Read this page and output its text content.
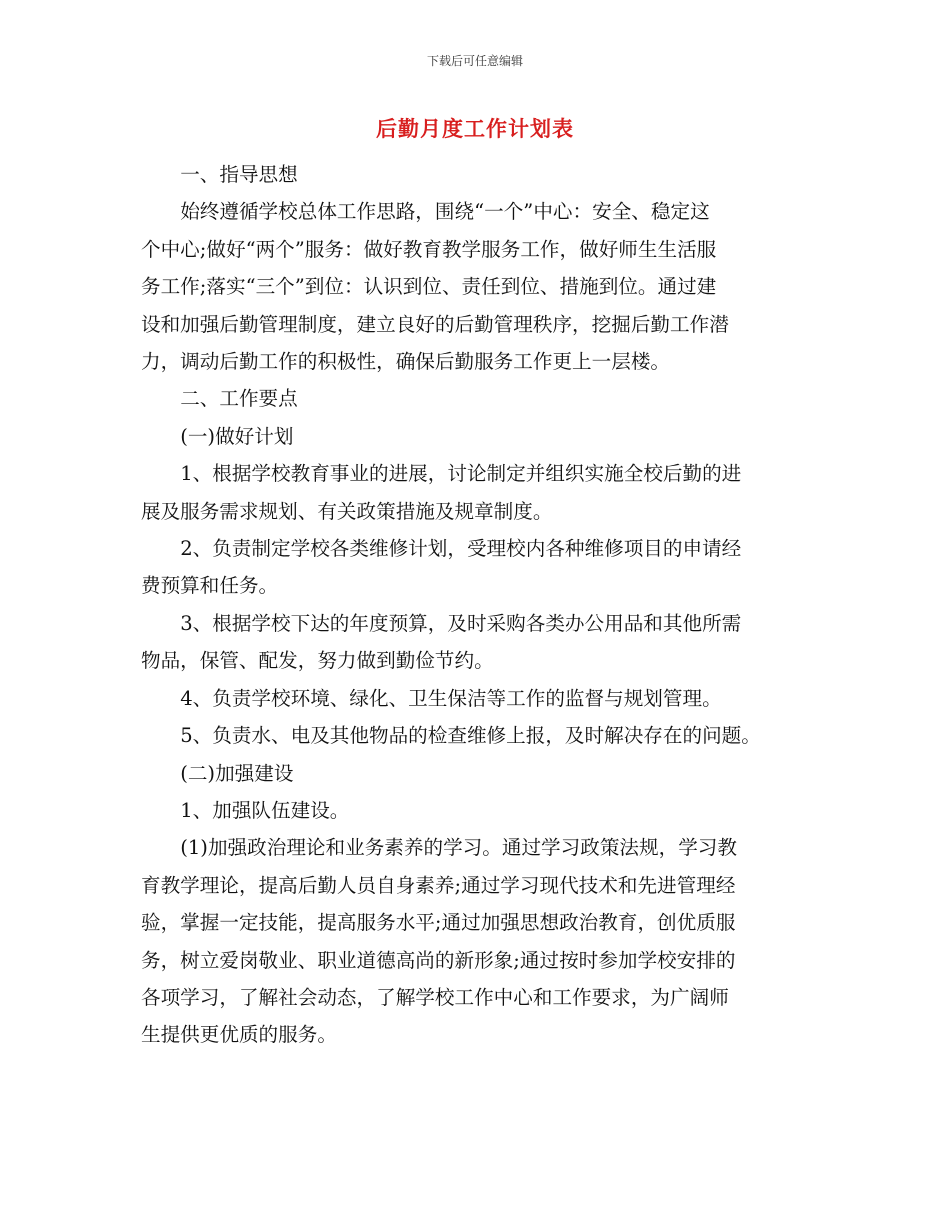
下载后可任意编辑
后勤月度工作计划表
一、指导思想
始终遵循学校总体工作思路，围绕“一个”中心：安全、稳定这
个中心;做好“两个”服务：做好教育教学服务工作，做好师生生活服
务工作;落实“三个”到位：认识到位、责任到位、措施到位。通过建
设和加强后勤管理制度，建立良好的后勤管理秩序，挖掘后勤工作潜
力，调动后勤工作的积极性，确保后勤服务工作更上一层楼。
二、工作要点
(一)做好计划
1、根据学校教育事业的进展，讨论制定并组织实施全校后勤的进
展及服务需求规划、有关政策措施及规章制度。
2、负责制定学校各类维修计划，受理校内各种维修项目的申请经
费预算和任务。
3、根据学校下达的年度预算，及时采购各类办公用品和其他所需
物品，保管、配发，努力做到勤俭节约。
4、负责学校环境、绿化、卫生保洁等工作的监督与规划管理。
5、负责水、电及其他物品的检查维修上报，及时解决存在的问题。
(二)加强建设
1、加强队伍建设。
(1)加强政治理论和业务素养的学习。通过学习政策法规，学习教
育教学理论，提高后勤人员自身素养;通过学习现代技术和先进管理经
验，掌握一定技能，提高服务水平;通过加强思想政治教育，创优质服
务，树立爱岗敬业、职业道德高尚的新形象;通过按时参加学校安排的
各项学习，了解社会动态，了解学校工作中心和工作要求，为广阔师
生提供更优质的服务。
